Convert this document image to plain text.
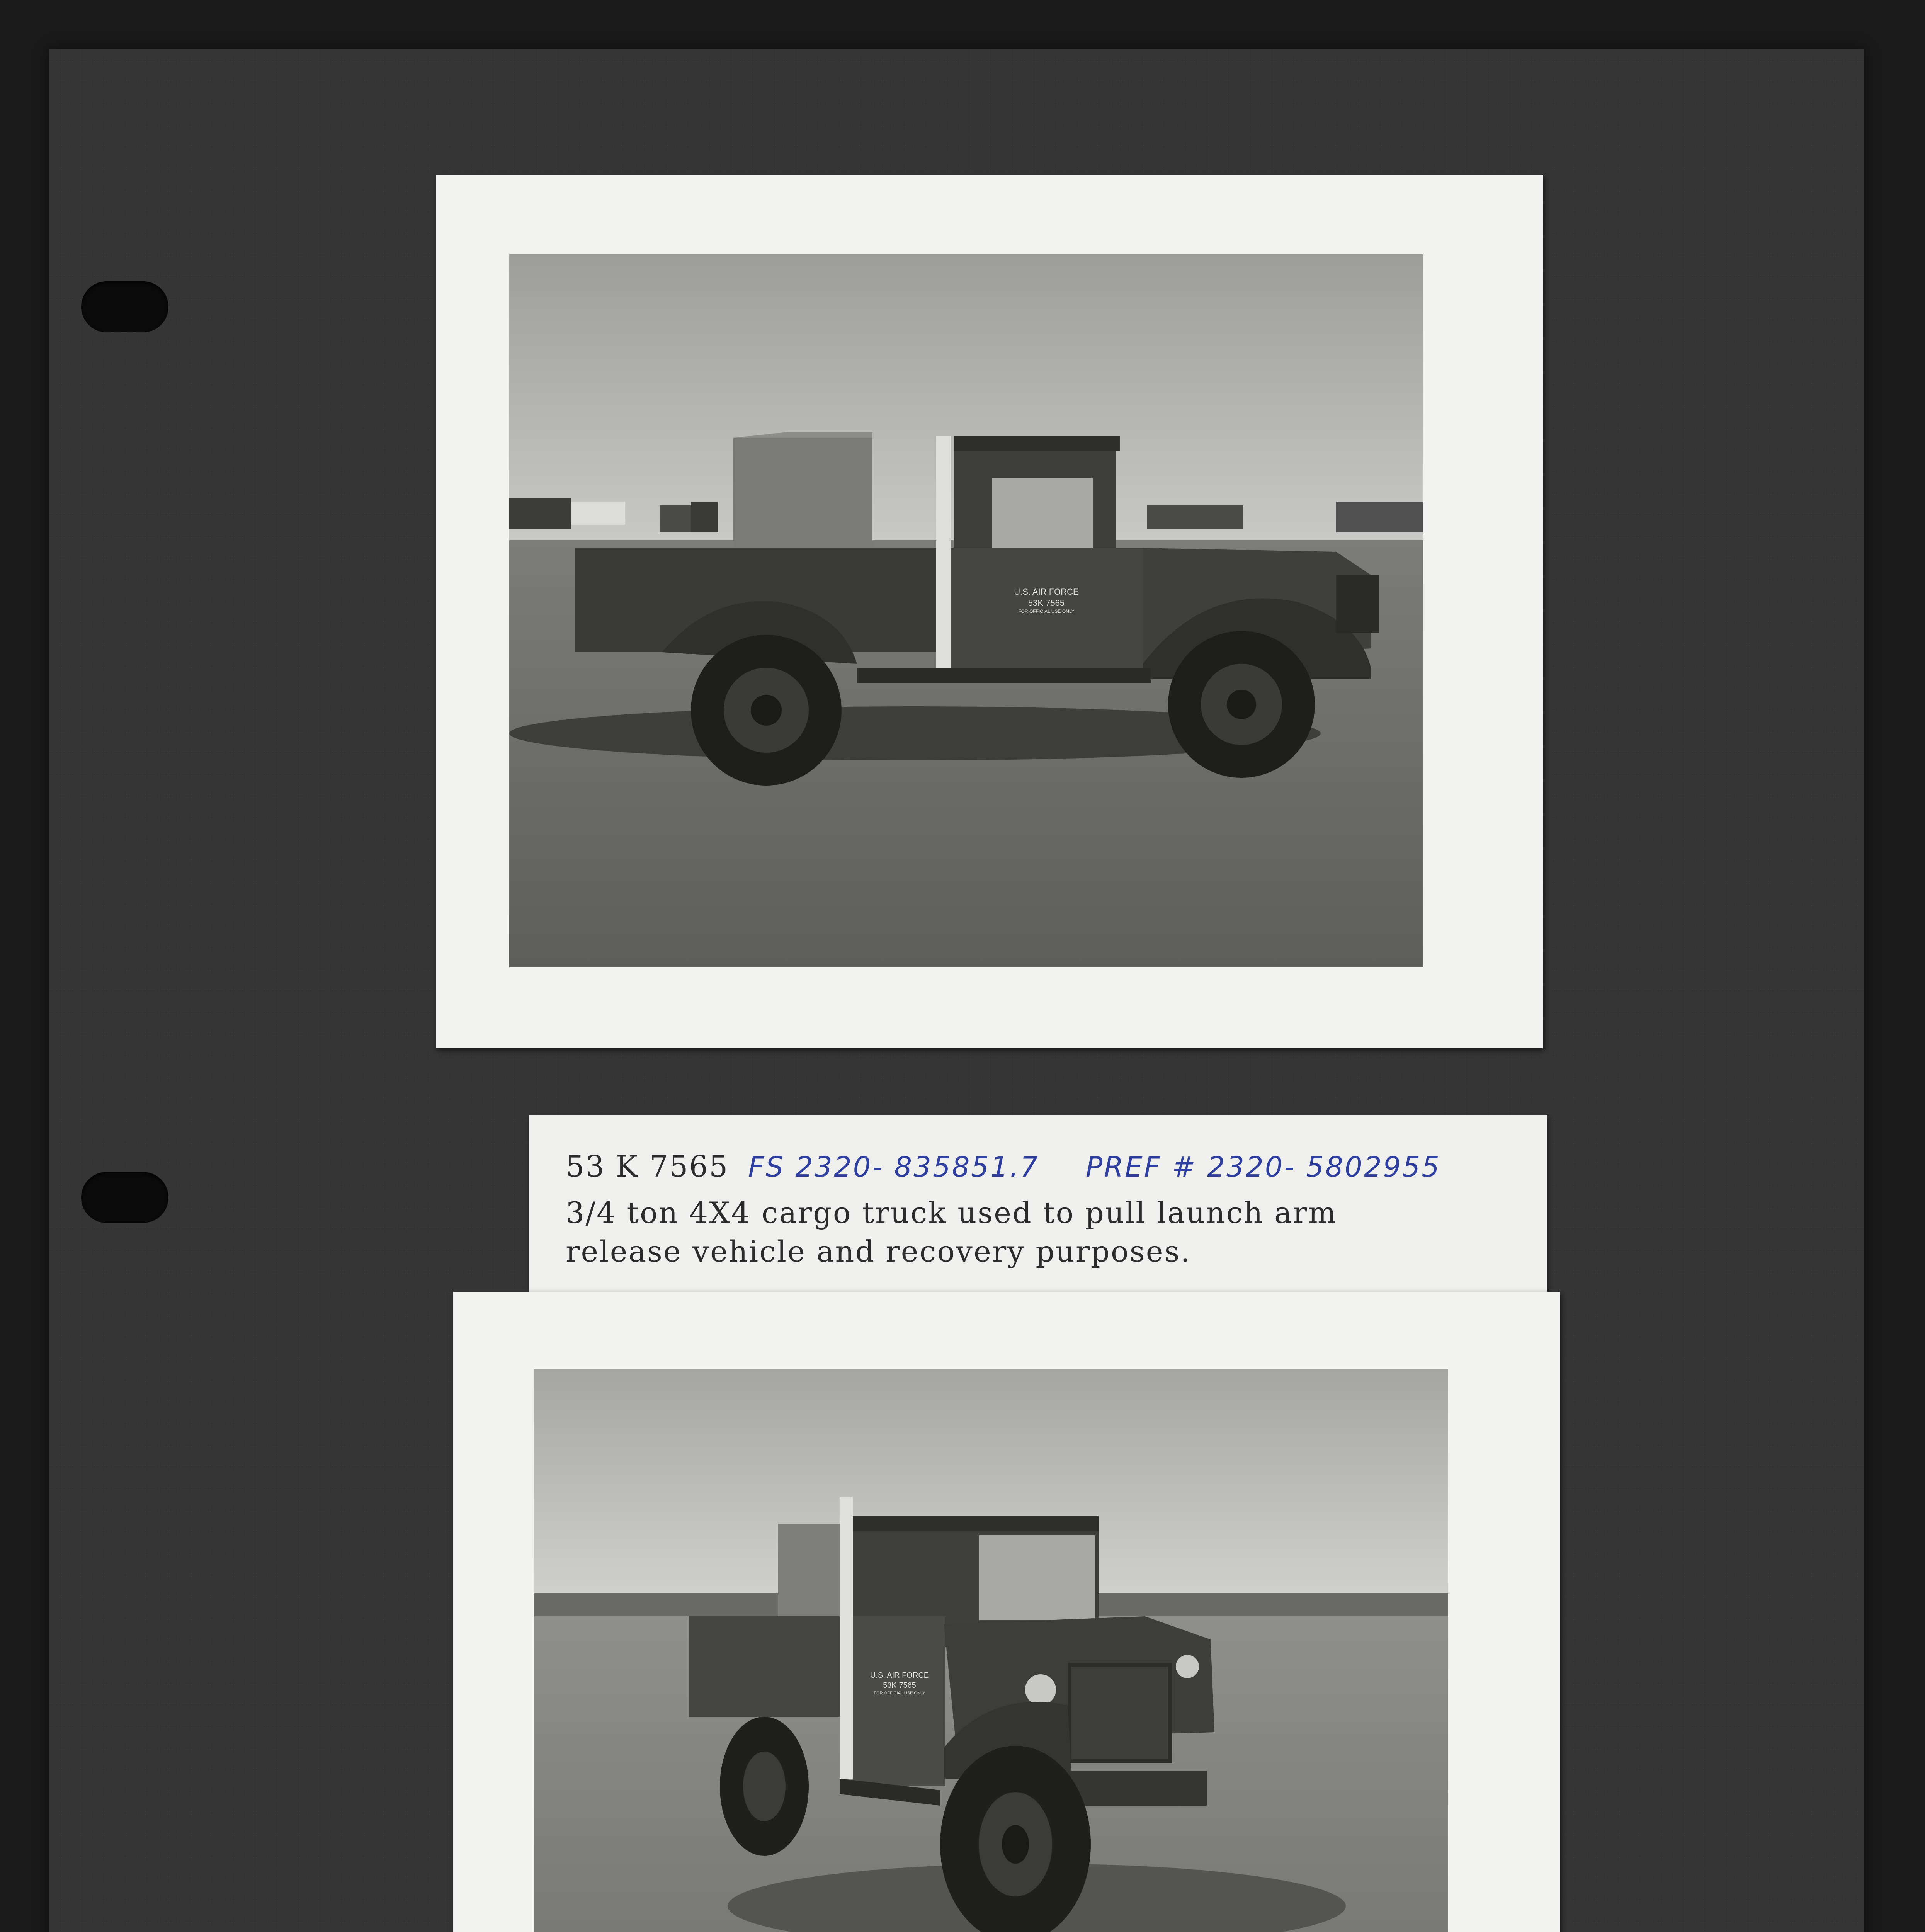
U.S. AIR FORCE
53K 7565
FOR OFFICIAL USE ONLY
53 K 7565 FS 2320- 835851.7 PREF # 2320- 5802955
3/4 ton 4X4 cargo truck used to pull launch arm
release vehicle and recovery purposes.
U.S. AIR FORCE
53K 7565
FOR OFFICIAL USE ONLY
